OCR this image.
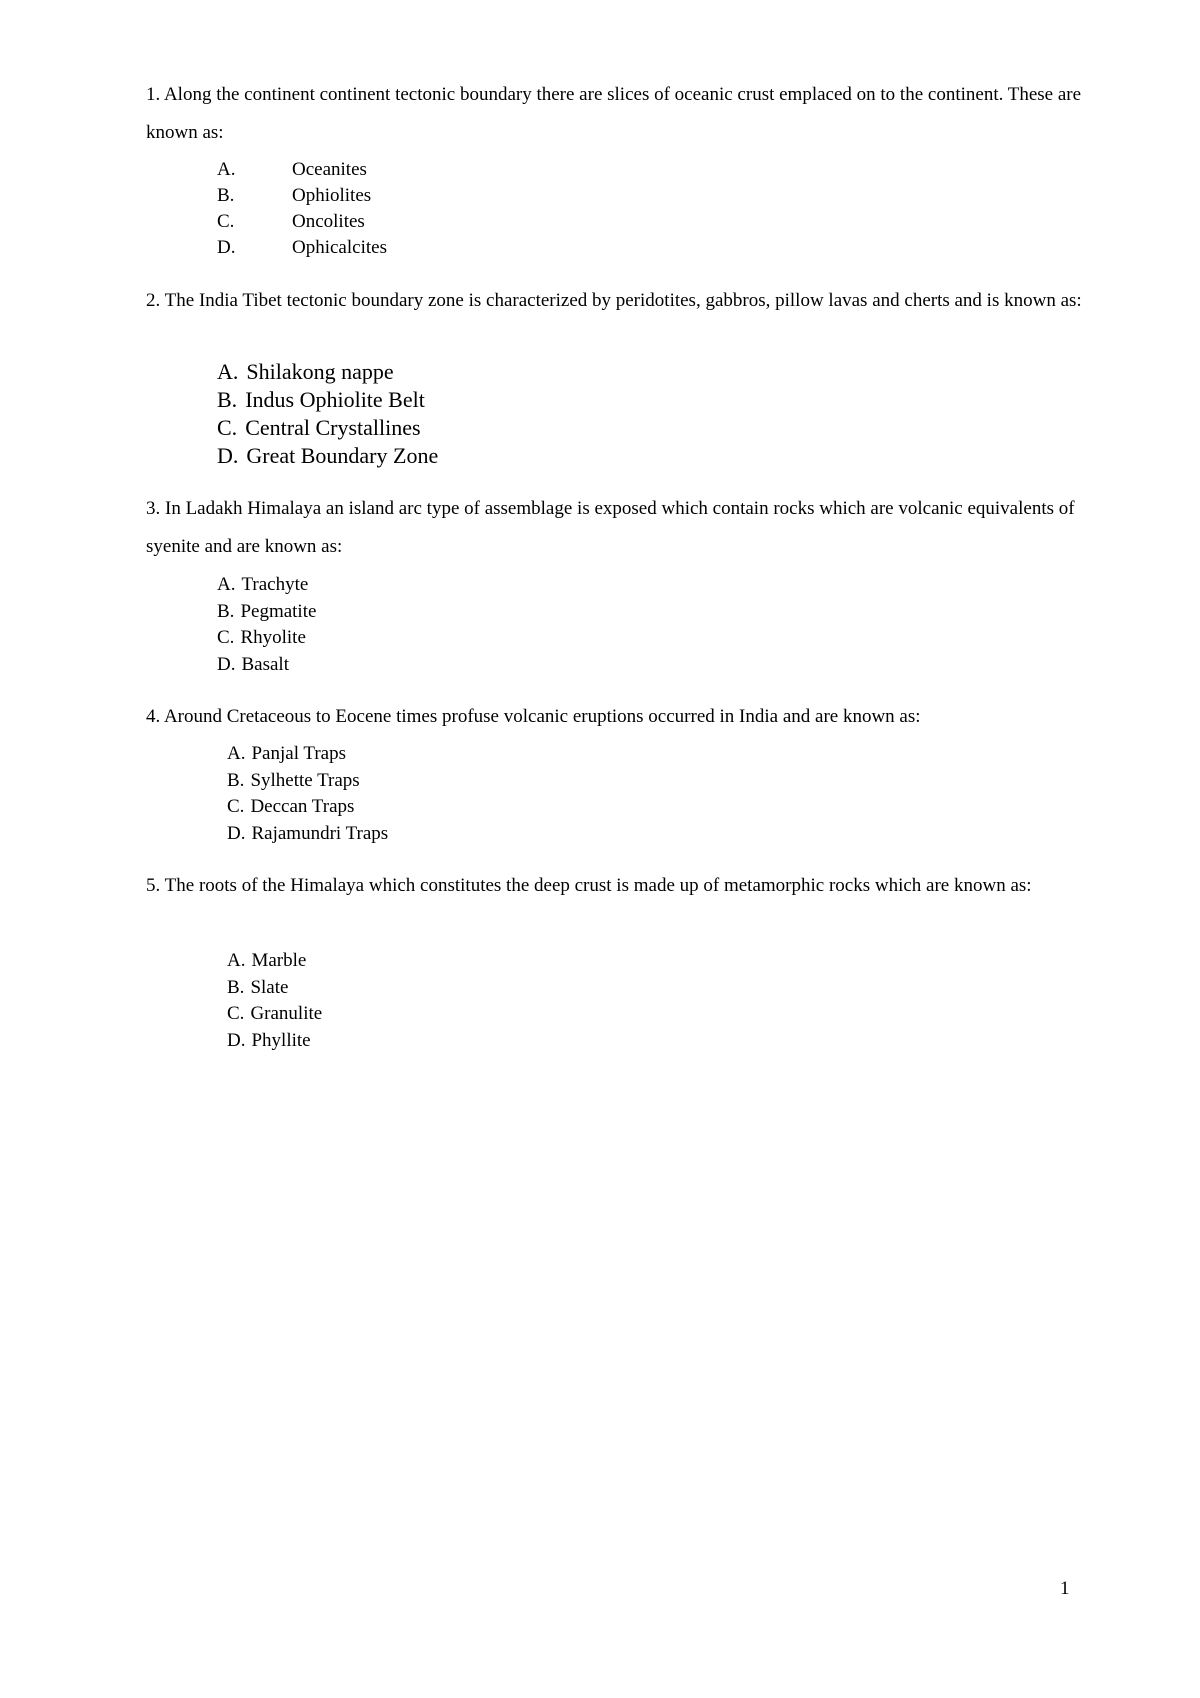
1. Along the continent continent tectonic boundary there are slices of oceanic crust emplaced on to the continent. These are known as:
A.	Oceanites
B.	Ophiolites
C.	Oncolites
D.	Ophicalcites
2. The India Tibet tectonic boundary zone is characterized by peridotites, gabbros, pillow lavas and cherts and is known as:
A. Shilakong nappe
B. Indus Ophiolite Belt
C. Central Crystallines
D. Great Boundary Zone
3. In Ladakh Himalaya an island arc type of assemblage is exposed which contain rocks which are volcanic equivalents of syenite and are known as:
A. Trachyte
B. Pegmatite
C. Rhyolite
D. Basalt
4. Around Cretaceous to Eocene times profuse volcanic eruptions occurred in India and are known as:
A. Panjal Traps
B. Sylhette Traps
C. Deccan Traps
D. Rajamundri Traps
5. The roots of the Himalaya which constitutes the deep crust is made up of metamorphic rocks which are known as:
A. Marble
B. Slate
C. Granulite
D. Phyllite
1
